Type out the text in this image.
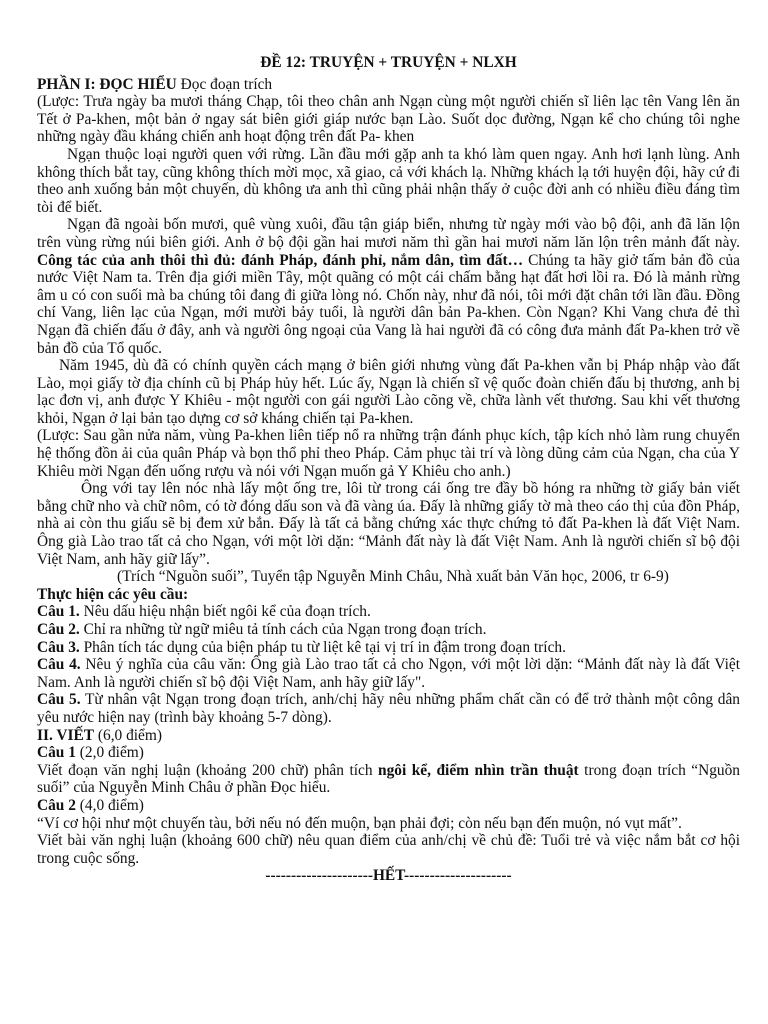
ĐỀ 12: TRUYỆN + TRUYỆN + NLXH

PHẦN I: ĐỌC HIỂU Đọc đoạn trích

(Lược: Trưa ngày ba mươi tháng Chạp, tôi theo chân anh Ngạn cùng một người chiến sĩ liên lạc tên Vang lên ăn Tết ở Pa-khen, một bản ở ngay sát biên giới giáp nước bạn Lào. Suốt dọc đường, Ngạn kể cho chúng tôi nghe những ngày đầu kháng chiến anh hoạt động trên đất Pa- khen

Ngạn thuộc loại người quen với rừng. Lần đầu mới gặp anh ta khó làm quen ngay. Anh hơi lạnh lùng. Anh không thích bắt tay, cũng không thích mời mọc, xã giao, cả với khách lạ. Những khách lạ tới huyện đội, hãy cứ đi theo anh xuống bản một chuyến, dù không ưa anh thì cũng phải nhận thấy ở cuộc đời anh có nhiều điều đáng tìm tòi để biết.

Ngạn đã ngoài bốn mươi, quê vùng xuôi, đầu tận giáp biển, nhưng từ ngày mới vào bộ đội, anh đã lăn lộn trên vùng rừng núi biên giới. Anh ở bộ đội gần hai mươi năm thì gần hai mươi năm lăn lộn trên mảnh đất này. Công tác của anh thôi thì đủ: đánh Pháp, đánh phỉ, nắm dân, tìm đất… Chúng ta hãy giở tấm bản đồ của nước Việt Nam ta. Trên địa giới miền Tây, một quãng có một cái chấm bằng hạt đất hơi lồi ra. Đó là mảnh rừng âm u có con suối mà ba chúng tôi đang đi giữa lòng nó. Chốn này, như đã nói, tôi mới đặt chân tới lần đầu. Đồng chí Vang, liên lạc của Ngạn, mới mười bảy tuổi, là người dân bản Pa-khen. Còn Ngạn? Khi Vang chưa đẻ thì Ngạn đã chiến đấu ở đây, anh và người ông ngoại của Vang là hai người đã có công đưa mảnh đất Pa-khen trở về bản đồ của Tổ quốc.

Năm 1945, dù đã có chính quyền cách mạng ở biên giới nhưng vùng đất Pa-khen vẫn bị Pháp nhập vào đất Lào, mọi giấy tờ địa chính cũ bị Pháp hủy hết. Lúc ấy, Ngạn là chiến sĩ vệ quốc đoàn chiến đấu bị thương, anh bị lạc đơn vị, anh được Y Khiêu - một người con gái người Lào cõng về, chữa lành vết thương. Sau khi vết thương khỏi, Ngạn ở lại bản tạo dựng cơ sở kháng chiến tại Pa-khen.

(Lược: Sau gần nửa năm, vùng Pa-khen liên tiếp nổ ra những trận đánh phục kích, tập kích nhỏ làm rung chuyển hệ thống đồn ải của quân Pháp và bọn thổ phỉ theo Pháp. Cảm phục tài trí và lòng dũng cảm của Ngạn, cha của Y Khiêu mời Ngạn đến uống rượu và nói với Ngạn muốn gả Y Khiêu cho anh.)

Ông với tay lên nóc nhà lấy một ống tre, lôi từ trong cái ống tre đầy bồ hóng ra những tờ giấy bản viết bằng chữ nho và chữ nôm, có tờ đóng dấu son và đã vàng úa. Đấy là những giấy tờ mà theo cáo thị của đồn Pháp, nhà ai còn thu giấu sẽ bị đem xử bắn. Đấy là tất cả bằng chứng xác thực chứng tỏ đất Pa-khen là đất Việt Nam. Ông già Lào trao tất cả cho Ngạn, với một lời dặn: “Mảnh đất này là đất Việt Nam. Anh là người chiến sĩ bộ đội Việt Nam, anh hãy giữ lấy”.

(Trích “Nguồn suối”, Tuyển tập Nguyễn Minh Châu, Nhà xuất bản Văn học, 2006, tr 6-9)

Thực hiện các yêu cầu:

Câu 1. Nêu dấu hiệu nhận biết ngôi kể của đoạn trích.

Câu 2. Chỉ ra những từ ngữ miêu tả tính cách của Ngạn trong đoạn trích.

Câu 3. Phân tích tác dụng của biện pháp tu từ liệt kê tại vị trí in đậm trong đoạn trích.

Câu 4. Nêu ý nghĩa của câu văn: Ông già Lào trao tất cả cho Ngọn, với một lời dặn: “Mảnh đất này là đất Việt Nam. Anh là người chiến sĩ bộ đội Việt Nam, anh hãy giữ lấy".

Câu 5. Từ nhân vật Ngạn trong đoạn trích, anh/chị hãy nêu những phẩm chất cần có để trở thành một công dân yêu nước hiện nay (trình bày khoảng 5-7 dòng).

II. VIẾT (6,0 điểm)

Câu 1 (2,0 điểm)

Viết đoạn văn nghị luận (khoảng 200 chữ) phân tích ngôi kể, điểm nhìn trần thuật trong đoạn trích “Nguồn suối” của Nguyễn Minh Châu ở phần Đọc hiểu.

Câu 2 (4,0 điểm)

“Ví cơ hội như một chuyến tàu, bởi nếu nó đến muộn, bạn phải đợi; còn nếu bạn đến muộn, nó vụt mất”.

Viết bài văn nghị luận (khoảng 600 chữ) nêu quan điểm của anh/chị về chủ đề: Tuổi trẻ và việc nắm bắt cơ hội trong cuộc sống.

---------------------HẾT---------------------
